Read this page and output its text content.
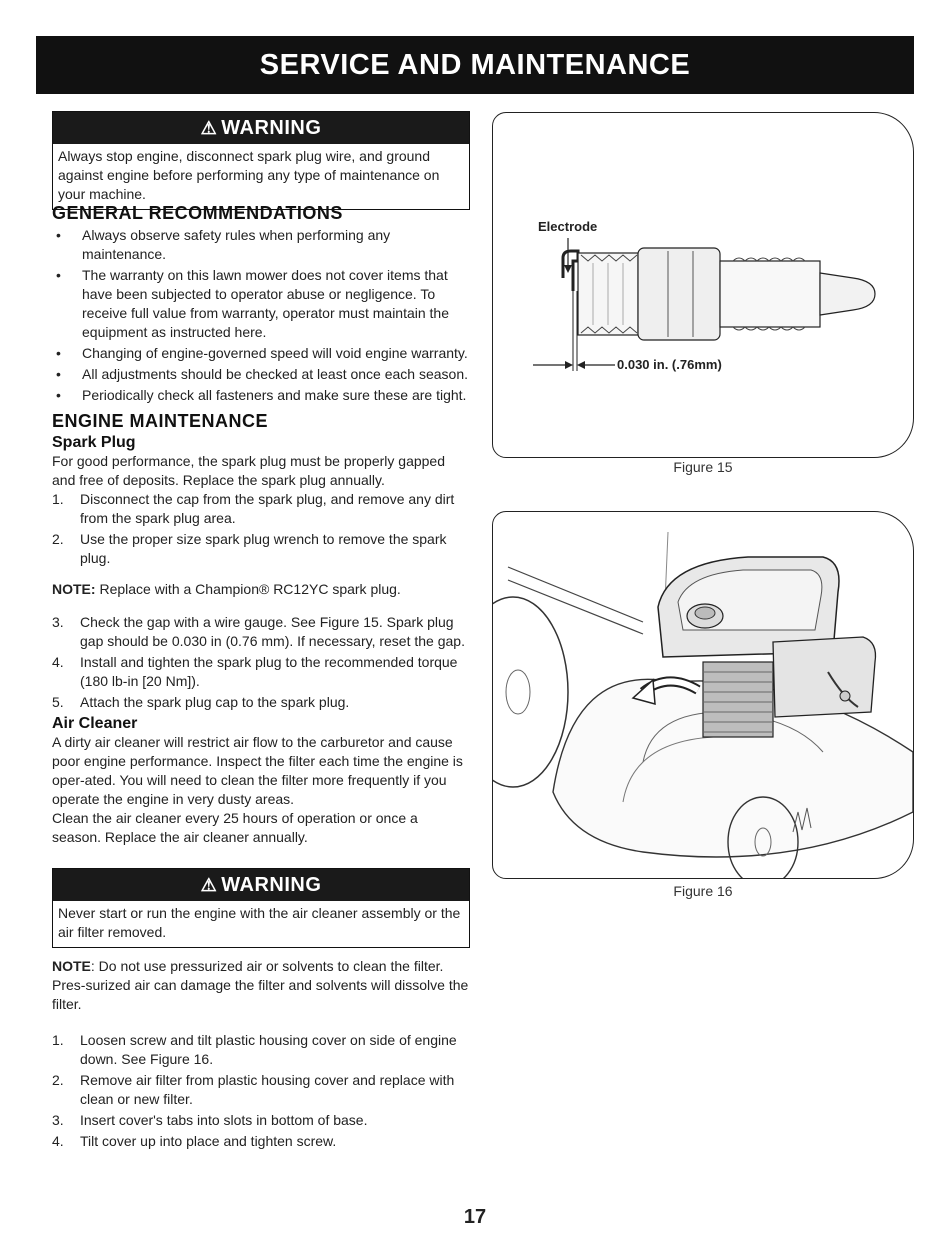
SERVICE AND MAINTENANCE
⚠ WARNING
Always stop engine, disconnect spark plug wire, and ground against engine before performing any type of maintenance on your machine.
GENERAL RECOMMENDATIONS
• Always observe safety rules when performing any maintenance.
• The warranty on this lawn mower does not cover items that have been subjected to operator abuse or negligence. To receive full value from warranty, operator must maintain the equipment as instructed here.
• Changing of engine-governed speed will void engine warranty.
• All adjustments should be checked at least once each season.
• Periodically check all fasteners and make sure these are tight.
ENGINE MAINTENANCE
Spark Plug

For good performance, the spark plug must be properly gapped and free of deposits. Replace the spark plug annually.

1. Disconnect the cap from the spark plug, and remove any dirt from the spark plug area.
2. Use the proper size spark plug wrench to remove the spark plug.

NOTE: Replace with a Champion® RC12YC spark plug.

3. Check the gap with a wire gauge. See Figure 15. Spark plug gap should be 0.030 in (0.76 mm). If necessary, reset the gap.
4. Install and tighten the spark plug to the recommended torque (180 lb-in [20 Nm]).
5. Attach the spark plug cap to the spark plug.
Air Cleaner

A dirty air cleaner will restrict air flow to the carburetor and cause poor engine performance. Inspect the filter each time the engine is oper-ated. You will need to clean the filter more frequently if you operate the engine in very dusty areas.

Clean the air cleaner every 25 hours of operation or once a season. Replace the air cleaner annually.

⚠ WARNING
Never start or run the engine with the air cleaner assembly or the air filter removed.

NOTE: Do not use pressurized air or solvents to clean the filter. Pres-surized air can damage the filter and solvents will dissolve the filter.

1. Loosen screw and tilt plastic housing cover on side of engine down. See Figure 16.
2. Remove air filter from plastic housing cover and replace with clean or new filter.
3. Insert cover's tabs into slots in bottom of base.
4. Tilt cover up into place and tighten screw.
Electrode
0.030 in. (.76mm)
Figure 15
Figure 16
17
